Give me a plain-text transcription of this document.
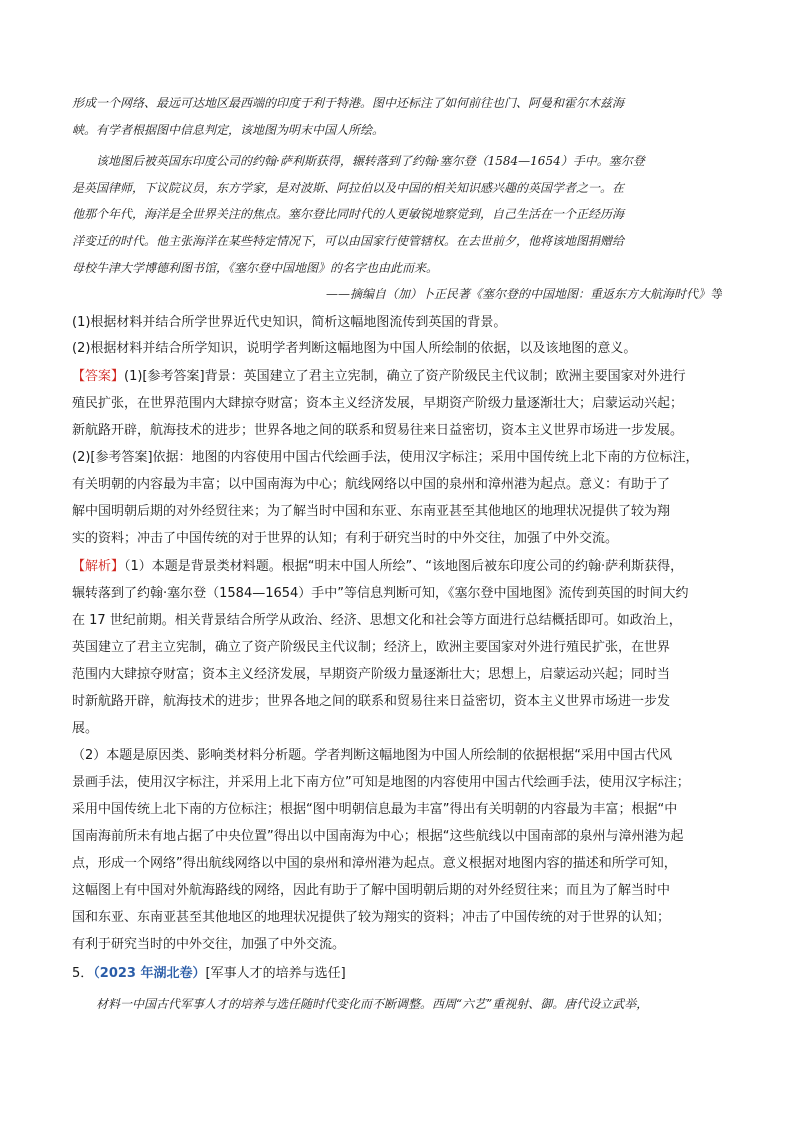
形成一个网络、最远可达地区最西端的印度于利于特港。图中还标注了如何前往也门、阿曼和霍尔木兹海
峡。有学者根据图中信息判定，该地图为明末中国人所绘。
该地图后被英国东印度公司的约翰·萨利斯获得，辗转落到了约翰·塞尔登（1584—1654）手中。塞尔登
是英国律师，下议院议员，东方学家，是对波斯、阿拉伯以及中国的相关知识感兴趣的英国学者之一。在
他那个年代，海洋是全世界关注的焦点。塞尔登比同时代的人更敏锐地察觉到，自己生活在一个正经历海
洋变迁的时代。他主张海洋在某些特定情况下，可以由国家行使管辖权。在去世前夕，他将该地图捐赠给
母校牛津大学博德利图书馆，《塞尔登中国地图》的名字也由此而来。
——摘编自（加）卜正民著《塞尔登的中国地图：重返东方大航海时代》等
(1)根据材料并结合所学世界近代史知识，简析这幅地图流传到英国的背景。
(2)根据材料并结合所学知识，说明学者判断这幅地图为中国人所绘制的依据，以及该地图的意义。
【答案】(1)[参考答案]背景：英国建立了君主立宪制，确立了资产阶级民主代议制；欧洲主要国家对外进行
殖民扩张，在世界范围内大肆掠夺财富；资本主义经济发展，早期资产阶级力量逐渐壮大；启蒙运动兴起；
新航路开辟，航海技术的进步；世界各地之间的联系和贸易往来日益密切，资本主义世界市场进一步发展。
(2)[参考答案]依据：地图的内容使用中国古代绘画手法，使用汉字标注；采用中国传统上北下南的方位标注，
有关明朝的内容最为丰富；以中国南海为中心；航线网络以中国的泉州和漳州港为起点。意义：有助于了
解中国明朝后期的对外经贸往来；为了解当时中国和东亚、东南亚甚至其他地区的地理状况提供了较为翔
实的资料；冲击了中国传统的对于世界的认知；有利于研究当时的中外交往，加强了中外交流。
【解析】（1）本题是背景类材料题。根据“明末中国人所绘”、“该地图后被东印度公司的约翰·萨利斯获得，
辗转落到了约翰·塞尔登（1584—1654）手中”等信息判断可知，《塞尔登中国地图》流传到英国的时间大约
在 17 世纪前期。相关背景结合所学从政治、经济、思想文化和社会等方面进行总结概括即可。如政治上，
英国建立了君主立宪制，确立了资产阶级民主代议制；经济上，欧洲主要国家对外进行殖民扩张，在世界
范围内大肆掠夺财富；资本主义经济发展，早期资产阶级力量逐渐壮大；思想上，启蒙运动兴起；同时当
时新航路开辟，航海技术的进步；世界各地之间的联系和贸易往来日益密切，资本主义世界市场进一步发
展。
（2）本题是原因类、影响类材料分析题。学者判断这幅地图为中国人所绘制的依据根据“采用中国古代风
景画手法，使用汉字标注，并采用上北下南方位”可知是地图的内容使用中国古代绘画手法，使用汉字标注；
采用中国传统上北下南的方位标注；根据“图中明朝信息最为丰富”得出有关明朝的内容最为丰富；根据“中
国南海前所未有地占据了中央位置”得出以中国南海为中心；根据“这些航线以中国南部的泉州与漳州港为起
点，形成一个网络”得出航线网络以中国的泉州和漳州港为起点。意义根据对地图内容的描述和所学可知，
这幅图上有中国对外航海路线的网络，因此有助于了解中国明朝后期的对外经贸往来；而且为了解当时中
国和东亚、东南亚甚至其他地区的地理状况提供了较为翔实的资料；冲击了中国传统的对于世界的认知；
有利于研究当时的中外交往，加强了中外交流。
5．（2023 年湖北卷）[军事人才的培养与选任]
材料一中国古代军事人才的培养与选任随时代变化而不断调整。西周“六艺”重视射、御。唐代设立武举，
